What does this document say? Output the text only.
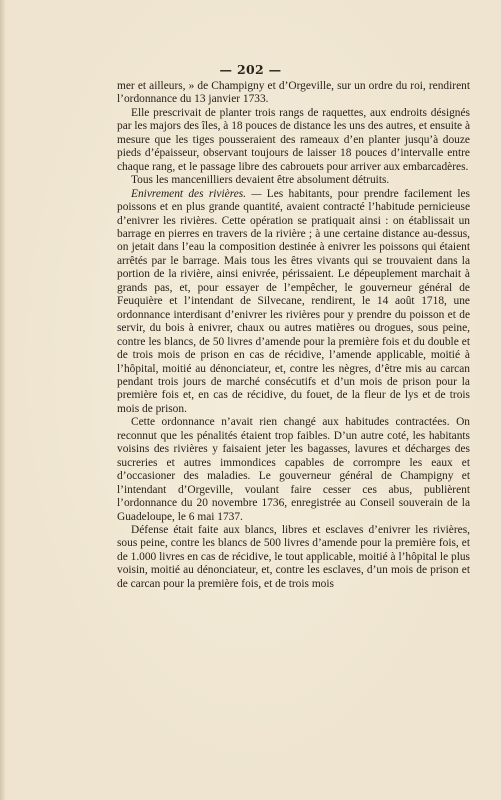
— 202 —

mer et ailleurs, » de Champigny et d’Orgeville, sur un ordre du roi, rendirent l’ordonnance du 13 janvier 1733.

Elle prescrivait de planter trois rangs de raquettes, aux endroits désignés par les majors des îles, à 18 pouces de distance les uns des autres, et ensuite à mesure que les tiges pousseraient des rameaux d’en planter jusqu’à douze pieds d’épaisseur, observant toujours de laisser 18 pouces d’intervalle entre chaque rang, et le passage libre des cabrouets pour arriver aux embarcadères.

Tous les mancenilliers devaient être absolument détruits.

Enivrement des rivières. — Les habitants, pour prendre facilement les poissons et en plus grande quantité, avaient contracté l’habitude pernicieuse d’enivrer les rivières. Cette opération se pratiquait ainsi : on établissait un barrage en pierres en travers de la rivière ; à une certaine distance au-dessus, on jetait dans l’eau la composition destinée à enivrer les poissons qui étaient arrêtés par le barrage. Mais tous les êtres vivants qui se trouvaient dans la portion de la rivière, ainsi enivrée, périssaient. Le dépeuplement marchait à grands pas, et, pour essayer de l’empêcher, le gouverneur général de Feuquière et l’intendant de Silvecane, rendirent, le 14 août 1718, une ordonnance interdisant d’enivrer les rivières pour y prendre du poisson et de servir, du bois à enivrer, chaux ou autres matières ou drogues, sous peine, contre les blancs, de 50 livres d’amende pour la première fois et du double et de trois mois de prison en cas de récidive, l’amende applicable, moitié à l’hôpital, moitié au dénonciateur, et, contre les nègres, d’être mis au carcan pendant trois jours de marché consécutifs et d’un mois de prison pour la première fois et, en cas de récidive, du fouet, de la fleur de lys et de trois mois de prison.

Cette ordonnance n’avait rien changé aux habitudes contractées. On reconnut que les pénalités étaient trop faibles. D’un autre coté, les habitants voisins des rivières y faisaient jeter les bagasses, lavures et décharges des sucreries et autres immondices capables de corrompre les eaux et d’occasioner des maladies. Le gouverneur général de Champigny et l’intendant d’Orgeville, voulant faire cesser ces abus, publièrent l’ordonnance du 20 novembre 1736, enregistrée au Conseil souverain de la Guadeloupe, le 6 mai 1737.

Défense était faite aux blancs, libres et esclaves d’enivrer les rivières, sous peine, contre les blancs de 500 livres d’amende pour la première fois, et de 1.000 livres en cas de récidive, le tout applicable, moitié à l’hôpital le plus voisin, moitié au dénonciateur, et, contre les esclaves, d’un mois de prison et de carcan pour la première fois, et de trois mois
